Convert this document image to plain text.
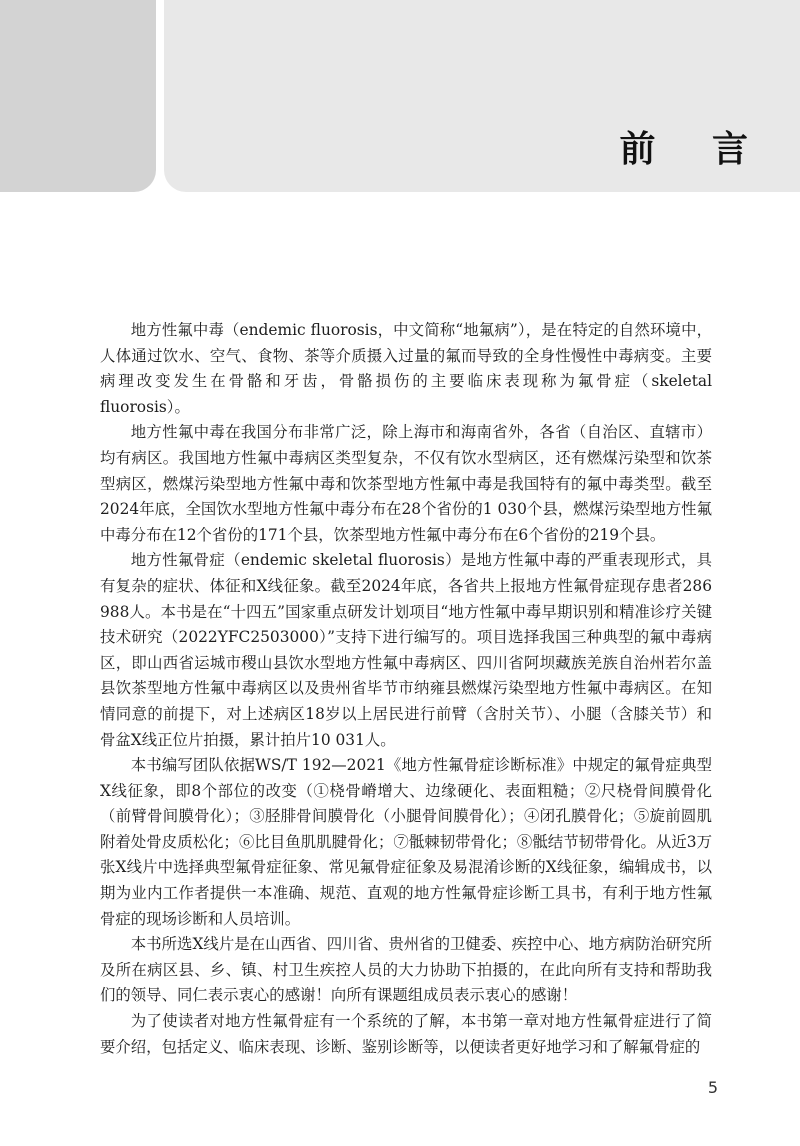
前 言

地方性氟中毒（endemic fluorosis，中文简称“地氟病”），是在特定的自然环境中，人体通过饮水、空气、食物、茶等介质摄入过量的氟而导致的全身性慢性中毒病变。主要病理改变发生在骨骼和牙齿，骨骼损伤的主要临床表现称为氟骨症（skeletal fluorosis）。

地方性氟中毒在我国分布非常广泛，除上海市和海南省外，各省（自治区、直辖市）均有病区。我国地方性氟中毒病区类型复杂，不仅有饮水型病区，还有燃煤污染型和饮茶型病区，燃煤污染型地方性氟中毒和饮茶型地方性氟中毒是我国特有的氟中毒类型。截至2024年底，全国饮水型地方性氟中毒分布在28个省份的1 030个县，燃煤污染型地方性氟中毒分布在12个省份的171个县，饮茶型地方性氟中毒分布在6个省份的219个县。

地方性氟骨症（endemic skeletal fluorosis）是地方性氟中毒的严重表现形式，具有复杂的症状、体征和X线征象。截至2024年底，各省共上报地方性氟骨症现存患者286 988人。本书是在“十四五”国家重点研发计划项目“地方性氟中毒早期识别和精准诊疗关键技术研究（2022YFC2503000）”支持下进行编写的。项目选择我国三种典型的氟中毒病区，即山西省运城市稷山县饮水型地方性氟中毒病区、四川省阿坝藏族羌族自治州若尔盖县饮茶型地方性氟中毒病区以及贵州省毕节市纳雍县燃煤污染型地方性氟中毒病区。在知情同意的前提下，对上述病区18岁以上居民进行前臂（含肘关节）、小腿（含膝关节）和骨盆X线正位片拍摄，累计拍片10 031人。

本书编写团队依据WS/T 192—2021《地方性氟骨症诊断标准》中规定的氟骨症典型X线征象，即8个部位的改变（①桡骨嵴增大、边缘硬化、表面粗糙；②尺桡骨间膜骨化（前臂骨间膜骨化）；③胫腓骨间膜骨化（小腿骨间膜骨化）；④闭孔膜骨化；⑤旋前圆肌附着处骨皮质松化；⑥比目鱼肌肌腱骨化；⑦骶棘韧带骨化；⑧骶结节韧带骨化。从近3万张X线片中选择典型氟骨症征象、常见氟骨症征象及易混淆诊断的X线征象，编辑成书，以期为业内工作者提供一本准确、规范、直观的地方性氟骨症诊断工具书，有利于地方性氟骨症的现场诊断和人员培训。

本书所选X线片是在山西省、四川省、贵州省的卫健委、疾控中心、地方病防治研究所及所在病区县、乡、镇、村卫生疾控人员的大力协助下拍摄的，在此向所有支持和帮助我们的领导、同仁表示衷心的感谢！向所有课题组成员表示衷心的感谢！

为了使读者对地方性氟骨症有一个系统的了解，本书第一章对地方性氟骨症进行了简要介绍，包括定义、临床表现、诊断、鉴别诊断等，以便读者更好地学习和了解氟骨症的

5
